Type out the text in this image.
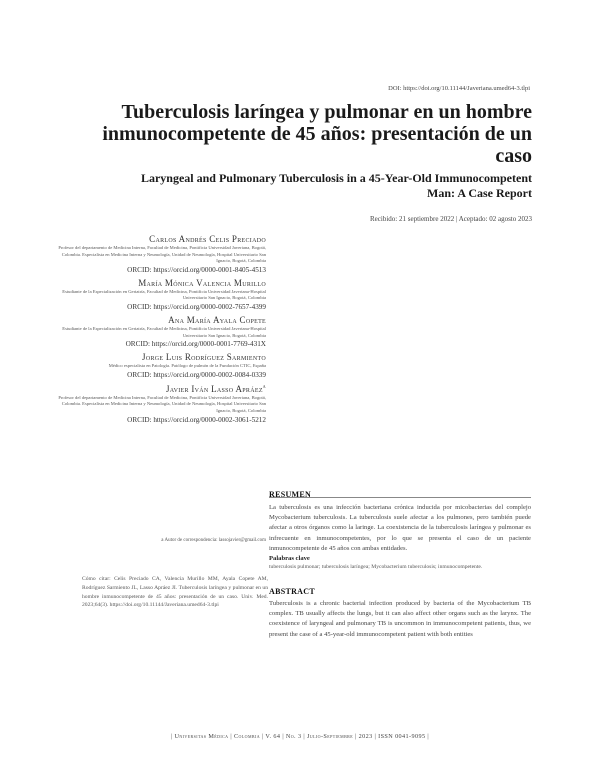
DOI: https://doi.org/10.11144/Javeriana.umed64-3.tlpi
Tuberculosis laríngea y pulmonar en un hombre inmunocompetente de 45 años: presentación de un caso
Laryngeal and Pulmonary Tuberculosis in a 45-Year-Old Immunocompetent Man: A Case Report
Recibido: 21 septiembre 2022 | Aceptado: 02 agosto 2023
Carlos Andrés Celis Preciado
Profesor del departamento de Medicina Interna, Facultad de Medicina, Pontificia Universidad Javeriana, Bogotá, Colombia. Especialista en Medicina Interna y Neumología, Unidad de Neumología, Hospital Universitario San Ignacio, Bogotá, Colombia
ORCID: https://orcid.org/0000-0001-8405-4513
María Mónica Valencia Murillo
Estudiante de la Especialización en Geriatría, Facultad de Medicina, Pontificia Universidad Javeriana-Hospital Universitario San Ignacio, Bogotá, Colombia
ORCID: https://orcid.org/0000-0002-7657-4399
Ana María Ayala Copete
Estudiante de la Especialización en Geriatría, Facultad de Medicina, Pontificia Universidad Javeriana-Hospital Universitario San Ignacio, Bogotá, Colombia
ORCID: https://orcid.org/0000-0001-7769-431X
Jorge Luis Rodríguez Sarmiento
Médico especialista en Patología. Patólogo de pulmón de la Fundación CTIC, España
ORCID: https://orcid.org/0000-0002-0084-0339
Javier Iván Lasso Apráez$^a$
Profesor del departamento de Medicina Interna, Facultad de Medicina, Pontificia Universidad Javeriana, Bogotá, Colombia. Especialista en Medicina Interna y Neumología, Unidad de Neumología, Hospital Universitario San Ignacio, Bogotá, Colombia
ORCID: https://orcid.org/0000-0002-3061-5212
a Autor de correspondencia: lassojavier@gmail.com
Cómo citar: Celis Preciado CA, Valencia Murillo MM, Ayala Copete AM, Rodríguez Sarmiento JL, Lasso Apráez JI. Tuberculosis laríngea y pulmonar en un hombre inmunocompetente de 45 años: presentación de un caso. Univ. Med. 2023;64(3). https://doi.org/10.11144/Javeriana.umed64-3.tlpi
RESUMEN
La tuberculosis es una infección bacteriana crónica inducida por micobacterias del complejo Mycobacterium tuberculosis. La tuberculosis suele afectar a los pulmones, pero también puede afectar a otros órganos como la laringe. La coexistencia de la tuberculosis laríngea y pulmonar es infrecuente en inmunocompetentes, por lo que se presenta el caso de un paciente inmunocompetente de 45 años con ambas entidades.
Palabras clave
tuberculosis pulmonar; tuberculosis laríngea; Mycobacterium tuberculosis; inmunocompetente.
ABSTRACT
Tuberculosis is a chronic bacterial infection produced by bacteria of the Mycobacterium TB complex. TB usually affects the lungs, but it can also affect other organs such as the larynx. The coexistence of laryngeal and pulmonary TB is uncommon in immunocompetent patients, thus, we present the case of a 45-year-old immunocompetent patient with both entities
| Universitas Médica | Colombia | V. 64 | No. 3 | Julio-Septiembre | 2023 | ISSN 0041-9095 |
